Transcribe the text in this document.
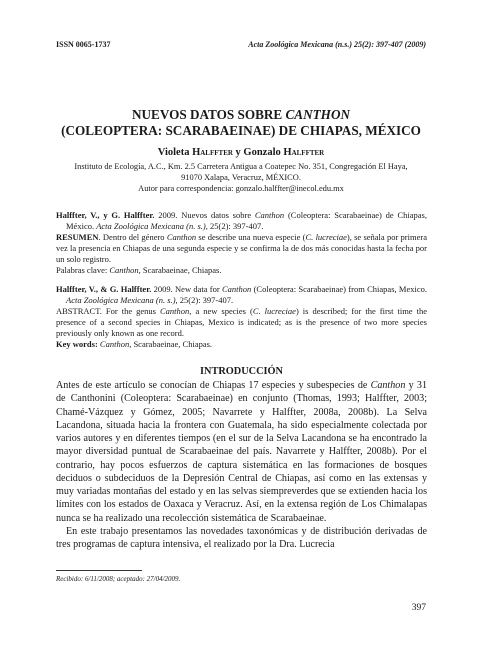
ISSN 0065-1737	Acta Zoológica Mexicana (n.s.) 25(2): 397-407 (2009)
NUEVOS DATOS SOBRE CANTHON
(COLEOPTERA: SCARABAEINAE) DE CHIAPAS, MÉXICO
Violeta Halffter y Gonzalo Halffter
Instituto de Ecología, A.C., Km. 2.5 Carretera Antigua a Coatepec No. 351, Congregación El Haya,
91070 Xalapa, Veracruz, MÉXICO.
Autor para correspondencia: gonzalo.halffter@inecol.edu.mx

Halffter, V., y G. Halffter. 2009. Nuevos datos sobre Canthon (Coleoptera: Scarabaeinae) de Chiapas, México. Acta Zoológica Mexicana (n. s.), 25(2): 397-407.

RESUMEN. Dentro del género Canthon se describe una nueva especie (C. lucreciae), se señala por primera vez la presencia en Chiapas de una segunda especie y se confirma la de dos más conocidas hasta la fecha por un solo registro.

Palabras clave: Canthon, Scarabaeinae, Chiapas.

Halffter, V., & G. Halffter. 2009. New data for Canthon (Coleoptera: Scarabaeinae) from Chiapas, Mexico. Acta Zoológica Mexicana (n. s.), 25(2): 397-407.

ABSTRACT. For the genus Canthon, a new species (C. lucreciae) is described; for the first time the presence of a second species in Chiapas, Mexico is indicated; as is the presence of two more species previously only known as one record.

Key words: Canthon, Scarabaeinae, Chiapas.

INTRODUCCIÓN

Antes de este artículo se conocían de Chiapas 17 especies y subespecies de Canthon y 31 de Canthonini (Coleoptera: Scarabaeinae) en conjunto (Thomas, 1993; Halffter, 2003; Chamé-Vázquez y Gómez, 2005; Navarrete y Halffter, 2008a, 2008b). La Selva Lacandona, situada hacia la frontera con Guatemala, ha sido especialmente colectada por varios autores y en diferentes tiempos (en el sur de la Selva Lacandona se ha encontrado la mayor diversidad puntual de Scarabaeinae del país. Navarrete y Halffter, 2008b). Por el contrario, hay pocos esfuerzos de captura sistemática en las formaciones de bosques deciduos o subdeciduos de la Depresión Central de Chiapas, así como en las extensas y muy variadas montañas del estado y en las selvas siempreverdes que se extienden hacia los límites con los estados de Oaxaca y Veracruz. Así, en la extensa región de Los Chimalapas nunca se ha realizado una recolección sistemática de Scarabaeinae.

En este trabajo presentamos las novedades taxonómicas y de distribución derivadas de tres programas de captura intensiva, el realizado por la Dra. Lucrecia

Recibido: 6/11/2008; aceptado: 27/04/2009.
397
